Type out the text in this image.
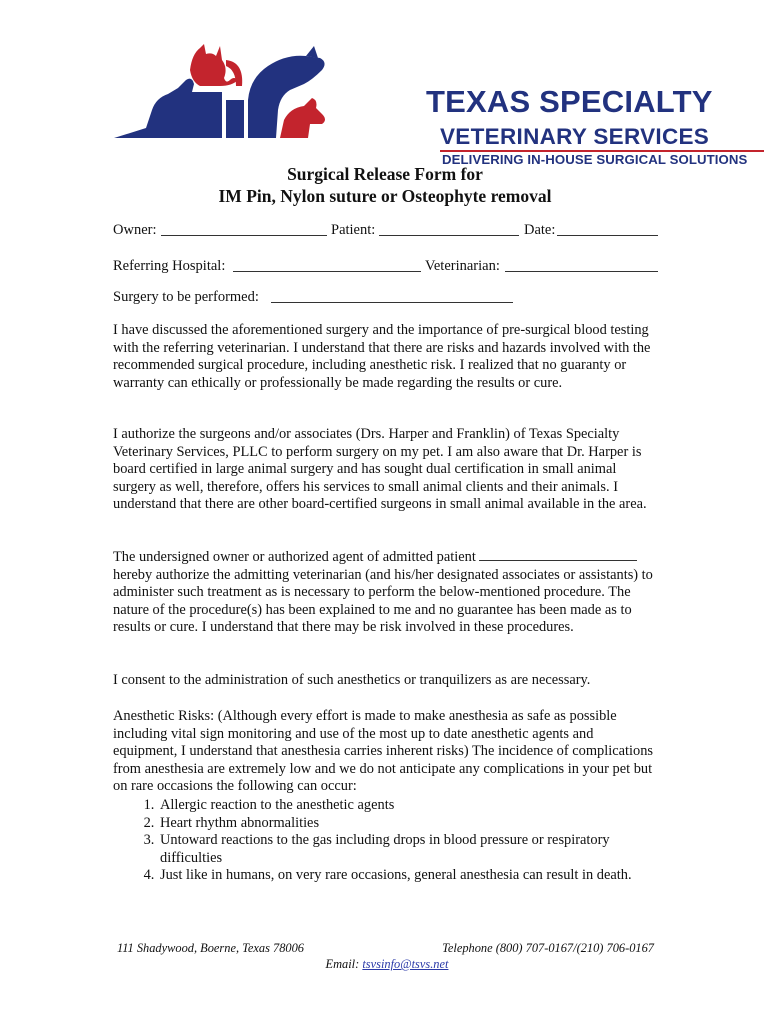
TEXAS SPECIALTY
VETERINARY SERVICES
DELIVERING IN-HOUSE SURGICAL SOLUTIONS
Surgical Release Form for
IM Pin, Nylon suture or Osteophyte removal
Owner:	Patient:	Date:
Referring Hospital:	Veterinarian:
Surgery to be performed:

I have discussed the aforementioned surgery and the importance of pre-surgical blood testing with the referring veterinarian. I understand that there are risks and hazards involved with the recommended surgical procedure, including anesthetic risk. I realized that no guaranty or warranty can ethically or professionally be made regarding the results or cure.

I authorize the surgeons and/or associates (Drs. Harper and Franklin) of Texas Specialty Veterinary Services, PLLC to perform surgery on my pet. I am also aware that Dr. Harper is board certified in large animal surgery and has sought dual certification in small animal surgery as well, therefore, offers his services to small animal clients and their animals. I understand that there are other board-certified surgeons in small animal available in the area.

The undersigned owner or authorized agent of admitted patient  hereby authorize the admitting veterinarian (and his/her designated associates or assistants) to administer such treatment as is necessary to perform the below-mentioned procedure. The nature of the procedure(s) has been explained to me and no guarantee has been made as to results or cure. I understand that there may be risk involved in these procedures.

I consent to the administration of such anesthetics or tranquilizers as are necessary.

Anesthetic Risks: (Although every effort is made to make anesthesia as safe as possible including vital sign monitoring and use of the most up to date anesthetic agents and equipment, I understand that anesthesia carries inherent risks) The incidence of complications from anesthesia are extremely low and we do not anticipate any complications in your pet but on rare occasions the following can occur:

1. Allergic reaction to the anesthetic agents
2. Heart rhythm abnormalities
3. Untoward reactions to the gas including drops in blood pressure or respiratory difficulties
4. Just like in humans, on very rare occasions, general anesthesia can result in death.
111 Shadywood, Boerne, Texas 78006	Telephone (800) 707-0167/(210) 706-0167
Email: tsvsinfo@tsvs.net
